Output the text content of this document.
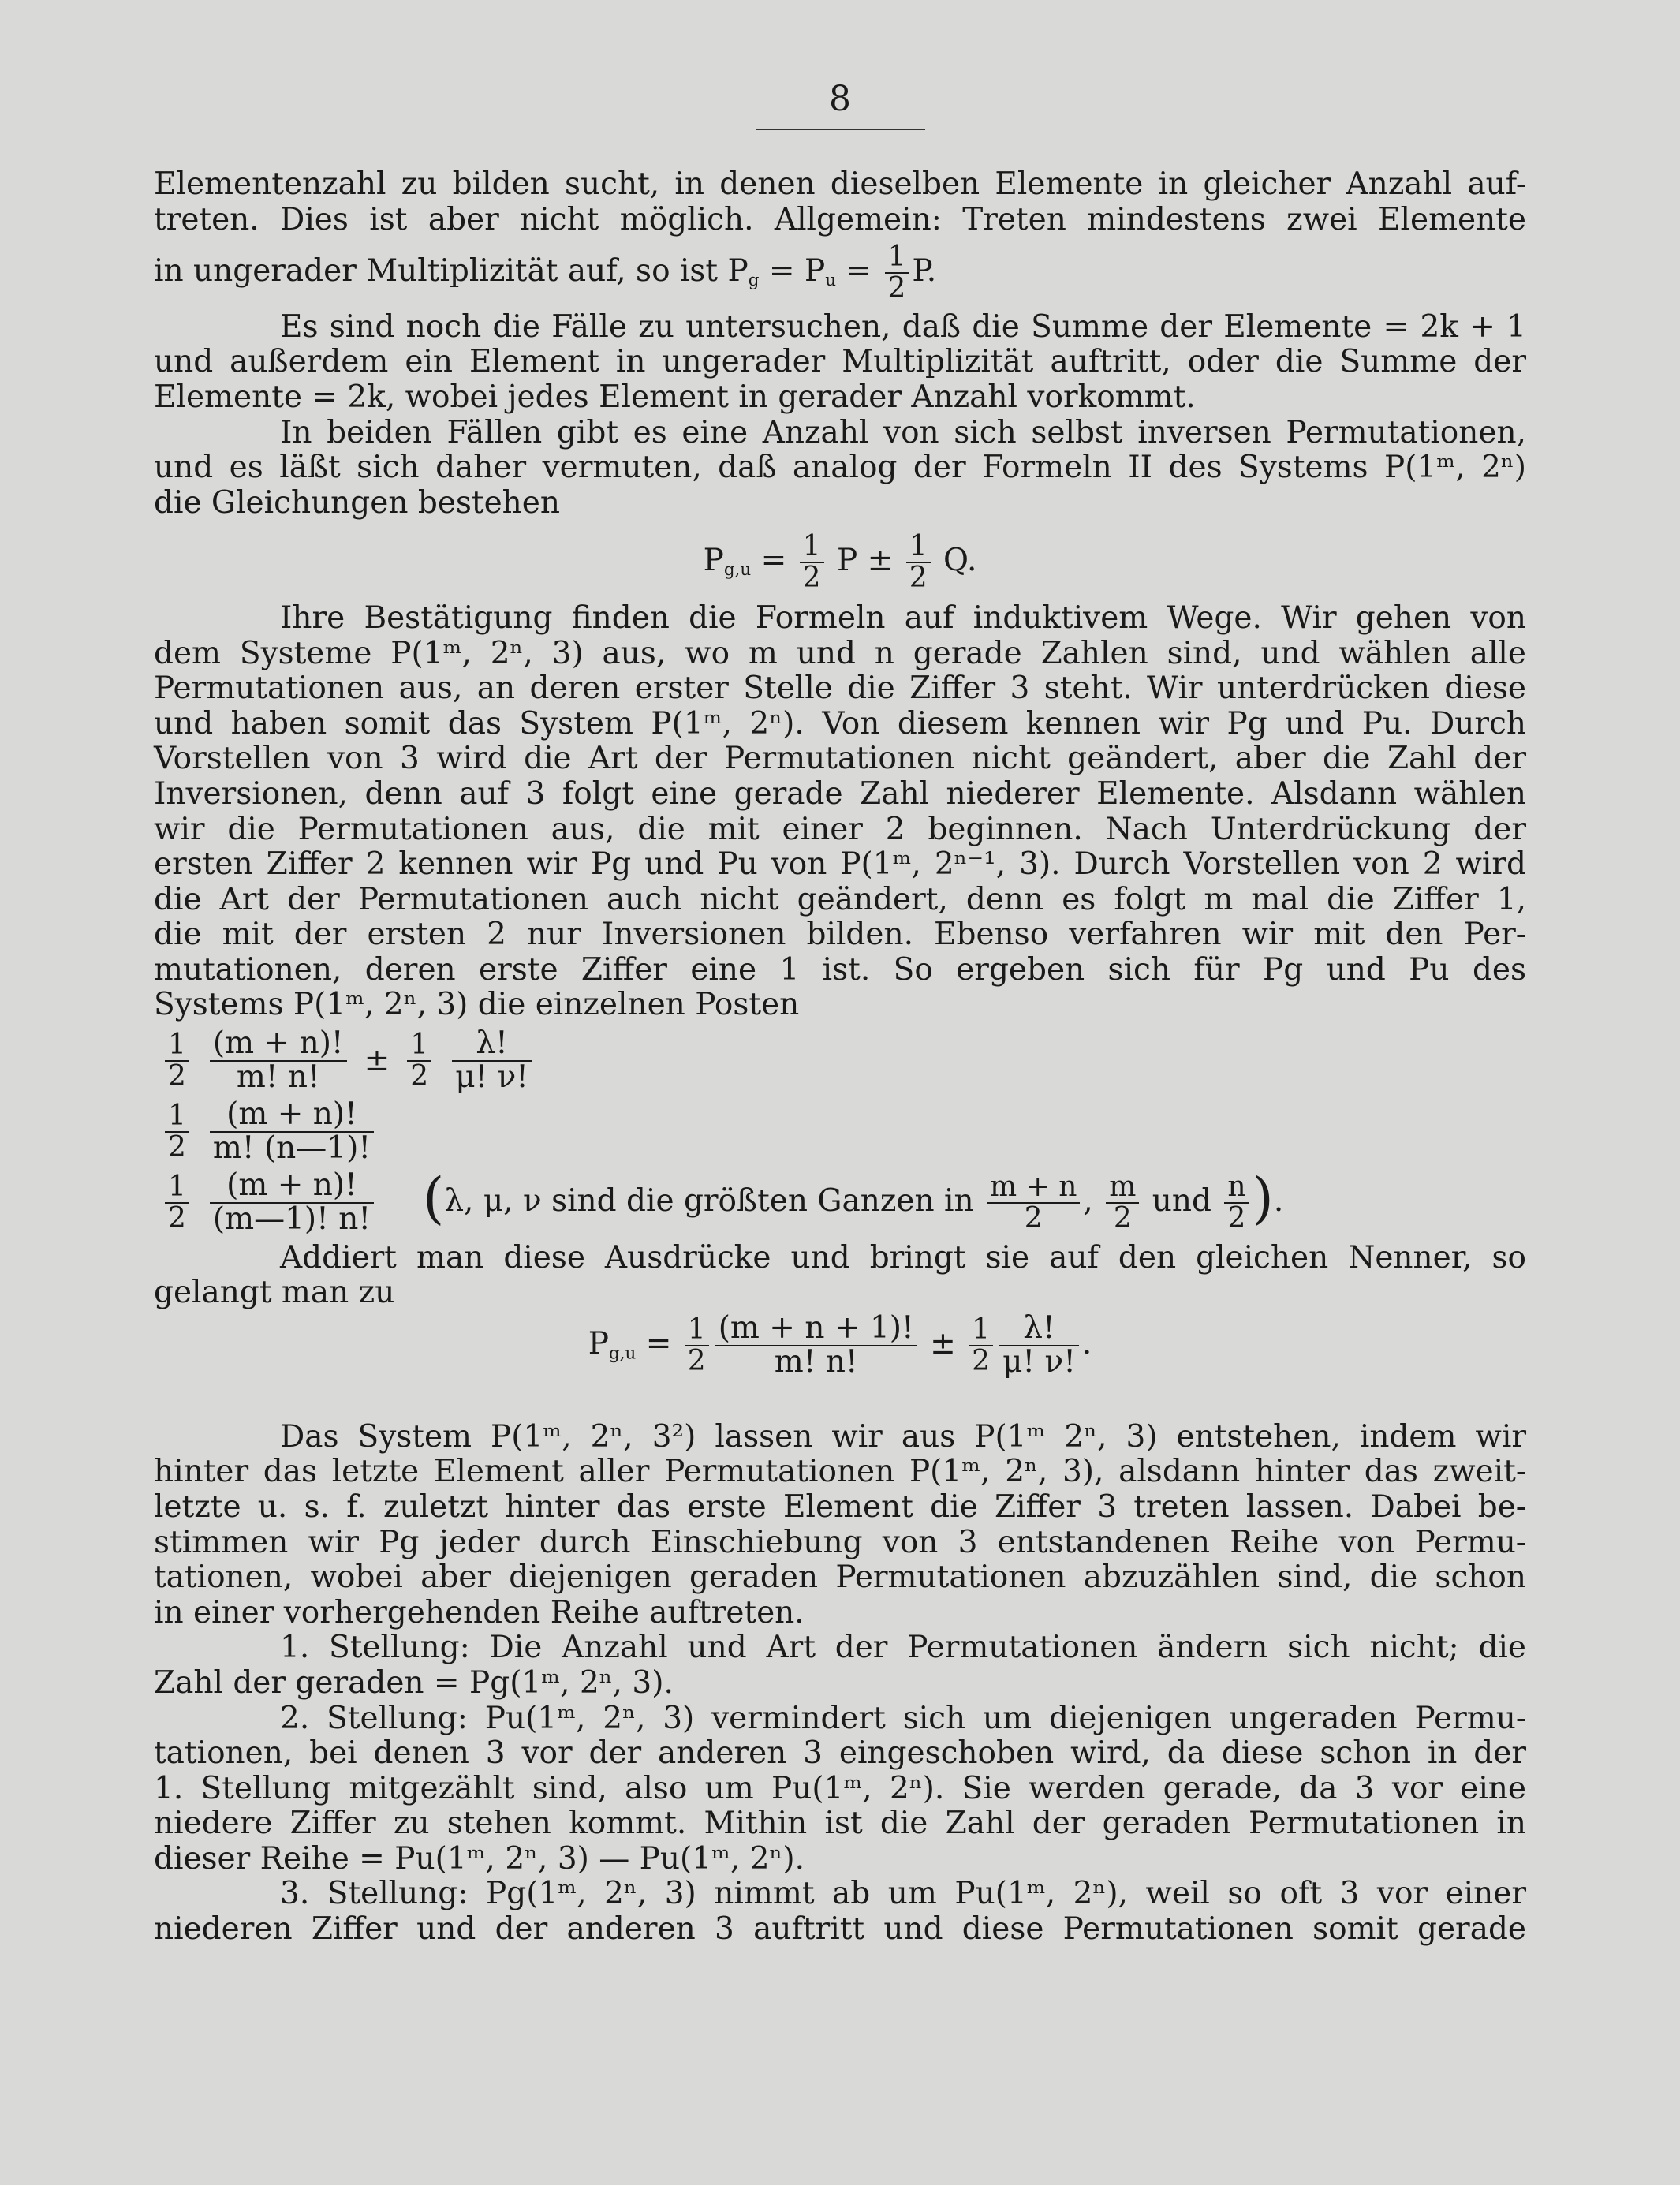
8

Elementenzahl zu bilden sucht, in denen dieselben Elemente in gleicher Anzahl auf-

treten. Dies ist aber nicht möglich. Allgemein: Treten mindestens zwei Elemente

in ungerader Multiplizität auf, so ist $P_g = P_u = \frac{1}{2} P$.

Es sind noch die Fälle zu untersuchen, daß die Summe der Elemente = 2k + 1

und außerdem ein Element in ungerader Multiplizität auftritt, oder die Summe der

Elemente = 2k, wobei jedes Element in gerader Anzahl vorkommt.

In beiden Fällen gibt es eine Anzahl von sich selbst inversen Permutationen,

und es läßt sich daher vermuten, daß analog der Formeln II des Systems P(1ᵐ, 2ⁿ)

die Gleichungen bestehen

$P_{g,u} = \frac{1}{2}$ $P \pm \frac{1}{2} Q$.

Ihre Bestätigung finden die Formeln auf induktivem Wege. Wir gehen von

dem Systeme P(1ᵐ, 2ⁿ, 3) aus, wo m und n gerade Zahlen sind, und wählen alle

Permutationen aus, an deren erster Stelle die Ziffer 3 steht. Wir unterdrücken diese

und haben somit das System P(1ᵐ, 2ⁿ). Von diesem kennen wir Pg und Pu. Durch

Vorstellen von 3 wird die Art der Permutationen nicht geändert, aber die Zahl der

Inversionen, denn auf 3 folgt eine gerade Zahl niederer Elemente. Alsdann wählen

wir die Permutationen aus, die mit einer 2 beginnen. Nach Unterdrückung der

ersten Ziffer 2 kennen wir Pg und Pu von P(1ᵐ, 2ⁿ⁻¹, 3). Durch Vorstellen von 2 wird

die Art der Permutationen auch nicht geändert, denn es folgt m mal die Ziffer 1,

die mit der ersten 2 nur Inversionen bilden. Ebenso verfahren wir mit den Per-

mutationen, deren erste Ziffer eine 1 ist. So ergeben sich für Pg und Pu des

Systems P(1ᵐ, 2ⁿ, 3) die einzelnen Posten

$\frac{1}{2} \frac{(m + n)!}{m! n!} \pm \frac{1}{2} \frac{\lambda!}{\mu! \nu!}$
$\frac{1}{2} \frac{(m + n)!}{m! (n—1)!}$
$\frac{1}{2} \frac{(m + n)!}{(m—1)! n!} (\lambda$, μ, ν sind die größten Ganzen in $\frac{m + n}{2}$ , $\frac{m}{2}$ und $\frac{n}{2}$ ).

Addiert man diese Ausdrücke und bringt sie auf den gleichen Nenner, so

gelangt man zu

$P_{g,u} = \frac{1}{2} \frac{(m + n + 1)!}{m! n!} \pm \frac{1}{2} \frac{\lambda!}{\mu! \nu!}$ .

Das System P(1ᵐ, 2ⁿ, 3²) lassen wir aus P(1ᵐ 2ⁿ, 3) entstehen, indem wir

hinter das letzte Element aller Permutationen P(1ᵐ, 2ⁿ, 3), alsdann hinter das zweit-

letzte u. s. f. zuletzt hinter das erste Element die Ziffer 3 treten lassen. Dabei be-

stimmen wir Pg jeder durch Einschiebung von 3 entstandenen Reihe von Permu-

tationen, wobei aber diejenigen geraden Permutationen abzuzählen sind, die schon

in einer vorhergehenden Reihe auftreten.

1. Stellung: Die Anzahl und Art der Permutationen ändern sich nicht; die

Zahl der geraden = Pg(1ᵐ, 2ⁿ, 3).

2. Stellung: Pu(1ᵐ, 2ⁿ, 3) vermindert sich um diejenigen ungeraden Permu-

tationen, bei denen 3 vor der anderen 3 eingeschoben wird, da diese schon in der

1. Stellung mitgezählt sind, also um Pu(1ᵐ, 2ⁿ). Sie werden gerade, da 3 vor eine

niedere Ziffer zu stehen kommt. Mithin ist die Zahl der geraden Permutationen in

dieser Reihe = Pu(1ᵐ, 2ⁿ, 3) — Pu(1ᵐ, 2ⁿ).

3. Stellung: Pg(1ᵐ, 2ⁿ, 3) nimmt ab um Pu(1ᵐ, 2ⁿ), weil so oft 3 vor einer

niederen Ziffer und der anderen 3 auftritt und diese Permutationen somit gerade
